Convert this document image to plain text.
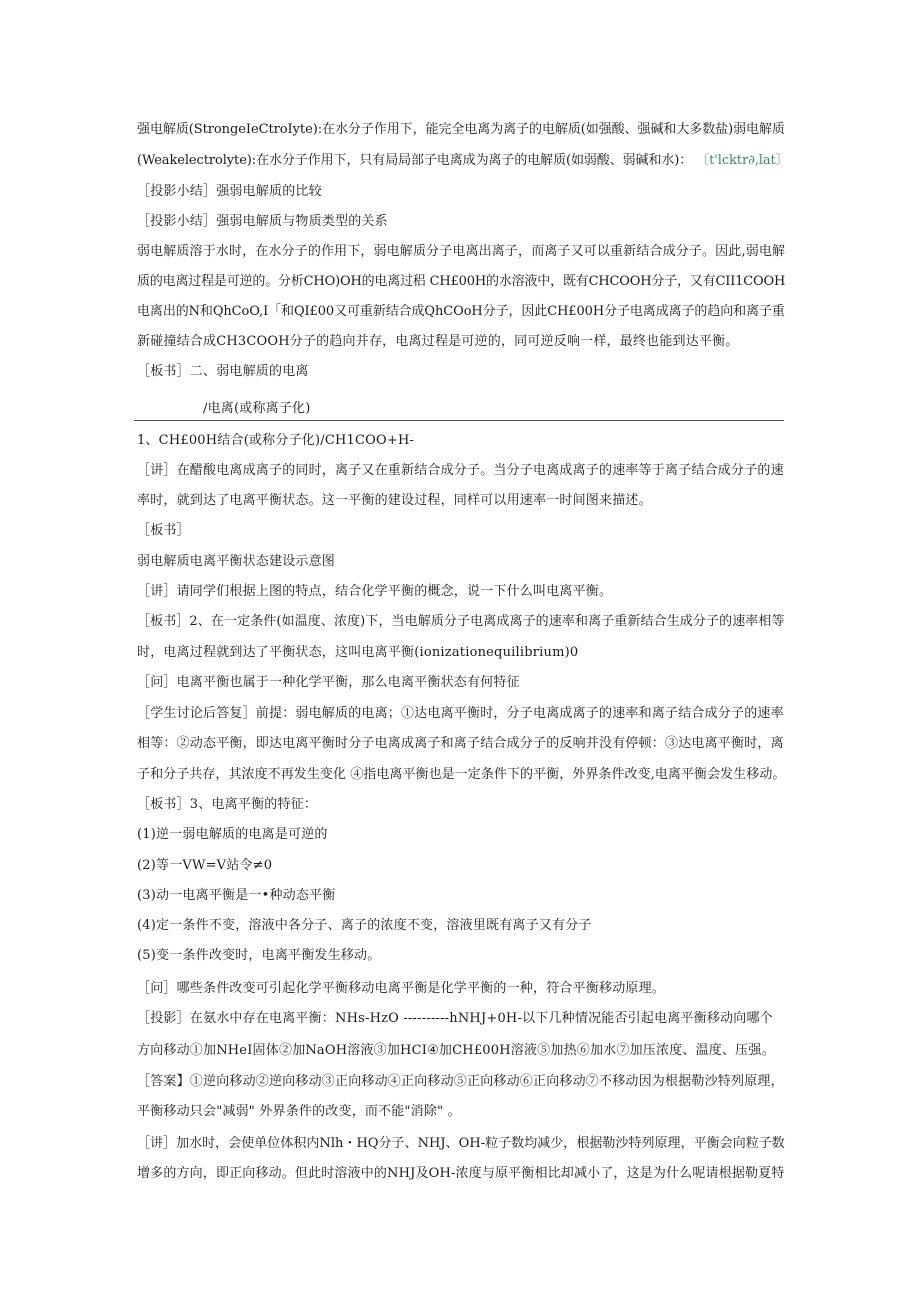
强电解质(StrongeIeCtroIyte):在水分子作用下，能完全电离为离子的电解质(如强酸、强碱和大多数盐)弱电解质
(Weakelectrolyte):在水分子作用下，只有局局部子电离成为离子的电解质(如弱酸、弱碱和水)： 〔t'lcktr∂,lat〕
［投影小结］强弱电解质的比较
［投影小结］强弱电解质与物质类型的关系
弱电解质溶于水时，在水分子的作用下，弱电解质分子电离出离子，而离子又可以重新结合成分子。因此,弱电解
质的电离过程是可逆的。分析CHO)OH的电离过稆 CH£00H的水溶液中，既有CHCOOH分子，又有CII1COOH
电离出的N和QhCoO,I「和QI£00又可重新结合成QhCOoH分子，因此CH£00H分子电离成离子的趋向和离子重
新碰撞结合成CH3COOH分子的趋向并存，电离过程是可逆的，同可逆反响一样，最终也能到达平衡。
［板书］二、弱电解质的电离
/电离(或称离子化)
1、CH£00H结合(或称分子化)/CH1COO+H-
［讲］在醋酸电离成离子的同时，离子又在重新结合成分子。当分子电离成离子的速率等于离子结合成分子的速
率时，就到达了电离平衡状态。这一平衡的建设过程，同样可以用速率一时间图来描述。
［板书］
弱电解质电离平衡状态建设示意图
［讲］请同学们根据上图的特点，结合化学平衡的概念，说一下什么叫电离平衡。
［板书］2、在一定条件(如温度、浓度)下，当电解质分子电离成离子的速率和离子重新结合生成分子的速率相等
时，电离过程就到达了平衡状态，这叫电离平衡(ionizationequilibrium)0
［问］电离平衡也属于一种化学平衡，那么电离平衡状态有何特征
［学生讨论后答复］前提：弱电解质的电离；①达电离平衡时，分子电离成离子的速率和离子结合成分子的速率
相等：②动态平衡，即达电离平衡时分子电离成离子和离子结合成分子的反响并没有停顿：③达电离平衡时，离
子和分子共存，其浓度不再发生变化 ④指电离平衡也是一定条件下的平衡，外界条件改变,电离平衡会发生移动。
［板书］3、电离平衡的特征：
(1)逆一弱电解质的电离是可逆的
(2)等一VW=V站令≠0
(3)动一电离平衡是一•种动态平衡
(4)定一条件不变，溶液中各分子、离子的浓度不变，溶液里既有离子又有分子
(5)变一条件改变时，电离平衡发生移动。
［问］哪些条件改变可引起化学平衡移动电离平衡是化学平衡的一种，符合平衡移动原理。
［投影］在氨水中存在电离平衡：NHs-HzO ----------hNHJ+0H-以下几种情况能否引起电离平衡移动向哪个
方向移动①加NHeI固体②加NaOH溶液③加HCI④加CH£00H溶液⑤加热⑥加水⑦加压浓度、温度、压强。
［答案】①逆向移动②逆向移动③正向移动④正向移动⑤正向移动⑥正向移动⑦不移动因为根据勒沙特列原理，
平衡移动只会"减弱" 外界条件的改变，而不能"消除" 。
［讲］加水时，会使单位体积内Nlh・HQ分子、NHJ、OH-粒子数均减少，根据勒沙特列原理，平衡会向粒子数
增多的方向，即正向移动。但此时溶液中的NHJ及OH-浓度与原平衡相比却减小了，这是为什么呢请根据勒夏特
